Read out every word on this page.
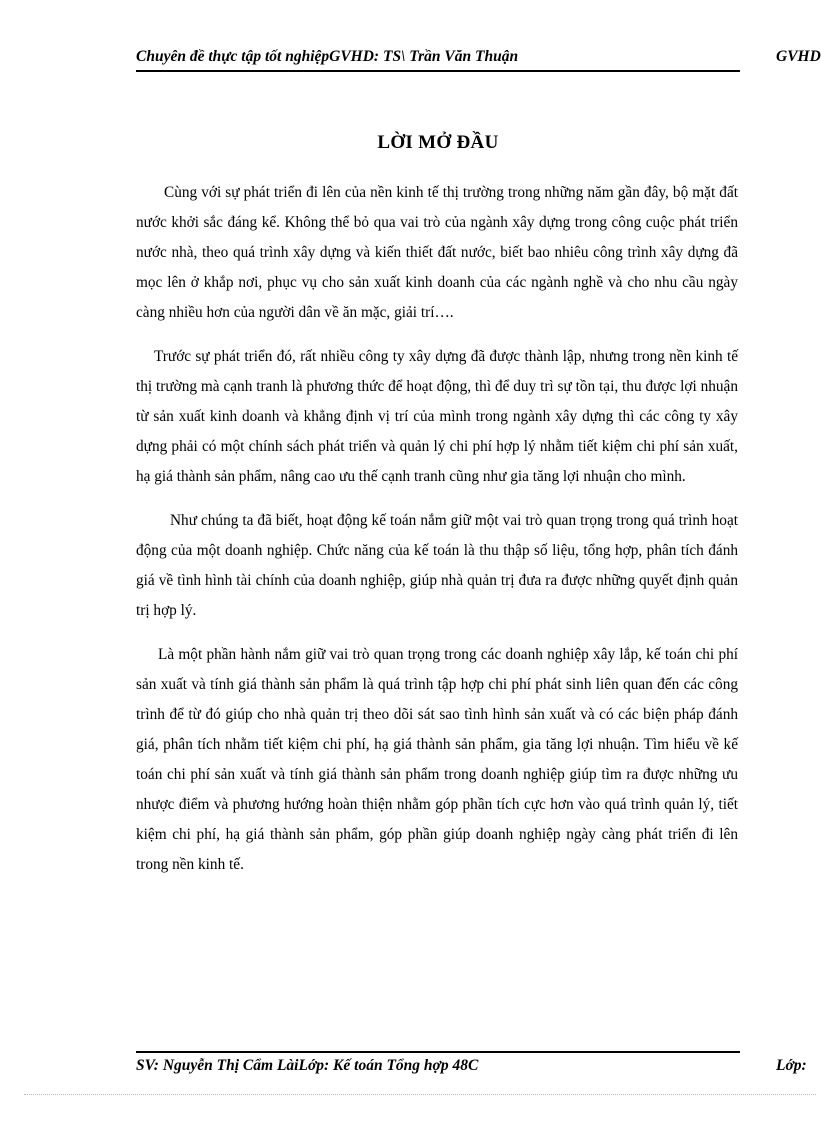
Chuyên đề thực tập tốt nghiệpGVHD: TS\ Trần Văn Thuận	GVHD
LỜI MỞ ĐẦU

Cùng với sự phát triển đi lên của nền kinh tế thị trường trong những năm gần đây, bộ mặt đất nước khởi sắc đáng kể. Không thể bỏ qua vai trò của ngành xây dựng trong công cuộc phát triển nước nhà, theo quá trình xây dựng và kiến thiết đất nước, biết bao nhiêu công trình xây dựng đã mọc lên ở khắp nơi, phục vụ cho sản xuất kinh doanh của các ngành nghề và cho nhu cầu ngày càng nhiều hơn của người dân về ăn mặc, giải trí….

Trước sự phát triển đó, rất nhiều công ty xây dựng đã được thành lập, nhưng trong nền kinh tế thị trường mà cạnh tranh là phương thức để hoạt động, thì để duy trì sự tồn tại, thu được lợi nhuận từ sản xuất kinh doanh và khẳng định vị trí của mình trong ngành xây dựng thì các công ty xây dựng phải có một chính sách phát triển và quản lý chi phí hợp lý nhằm tiết kiệm chi phí sản xuất, hạ giá thành sản phẩm, nâng cao ưu thế cạnh tranh cũng như gia tăng lợi nhuận cho mình.

Như chúng ta đã biết, hoạt động kế toán nắm giữ một vai trò quan trọng trong quá trình hoạt động của một doanh nghiệp. Chức năng của kế toán là thu thập số liệu, tổng hợp, phân tích đánh giá về tình hình tài chính của doanh nghiệp, giúp nhà quản trị đưa ra được những quyết định quản trị hợp lý.

Là một phần hành nắm giữ vai trò quan trọng trong các doanh nghiệp xây lắp, kế toán chi phí sản xuất và tính giá thành sản phẩm là quá trình tập hợp chi phí phát sinh liên quan đến các công trình để từ đó giúp cho nhà quản trị theo dõi sát sao tình hình sản xuất và có các biện pháp đánh giá, phân tích nhằm tiết kiệm chi phí, hạ giá thành sản phẩm, gia tăng lợi nhuận. Tìm hiểu về kế toán chi phí sản xuất và tính giá thành sản phẩm trong doanh nghiệp giúp tìm ra được những ưu nhược điểm và phương hướng hoàn thiện nhằm góp phần tích cực hơn vào quá trình quản lý, tiết kiệm chi phí, hạ giá thành sản phẩm, góp phần giúp doanh nghiệp ngày càng phát triển đi lên trong nền kinh tế.

SV: Nguyễn Thị Cẩm LàiLớp: Kế toán Tổng hợp 48C	Lớp:
